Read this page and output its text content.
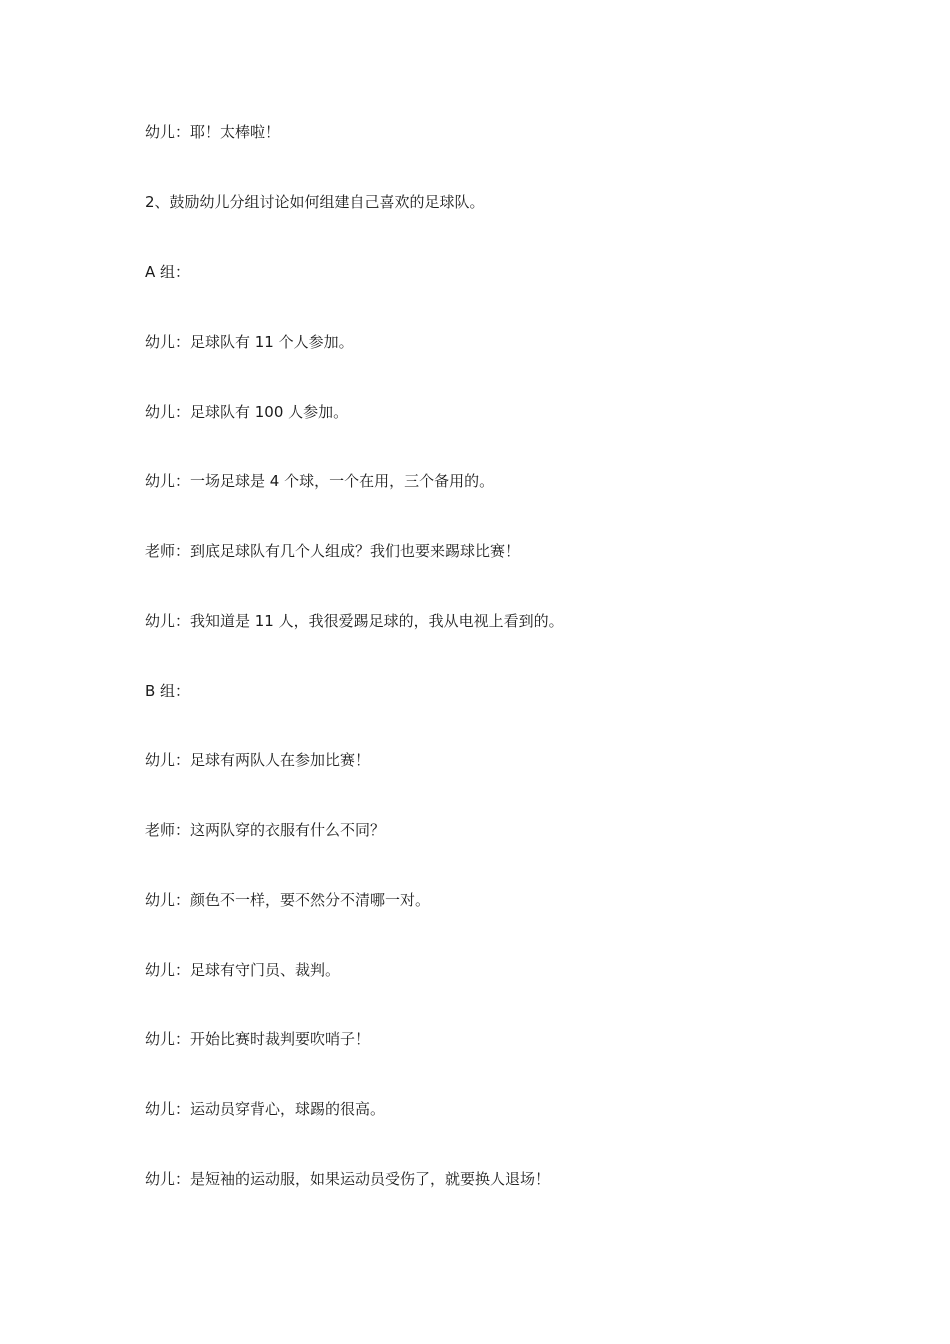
幼儿：耶！太棒啦！

2、鼓励幼儿分组讨论如何组建自己喜欢的足球队。

A 组：

幼儿：足球队有 11 个人参加。

幼儿：足球队有 100 人参加。

幼儿：一场足球是 4 个球，一个在用，三个备用的。

老师：到底足球队有几个人组成？我们也要来踢球比赛！

幼儿：我知道是 11 人，我很爱踢足球的，我从电视上看到的。

B 组：

幼儿：足球有两队人在参加比赛！

老师：这两队穿的衣服有什么不同？

幼儿：颜色不一样，要不然分不清哪一对。

幼儿：足球有守门员、裁判。

幼儿：开始比赛时裁判要吹哨子！

幼儿：运动员穿背心，球踢的很高。

幼儿：是短袖的运动服，如果运动员受伤了，就要换人退场！
